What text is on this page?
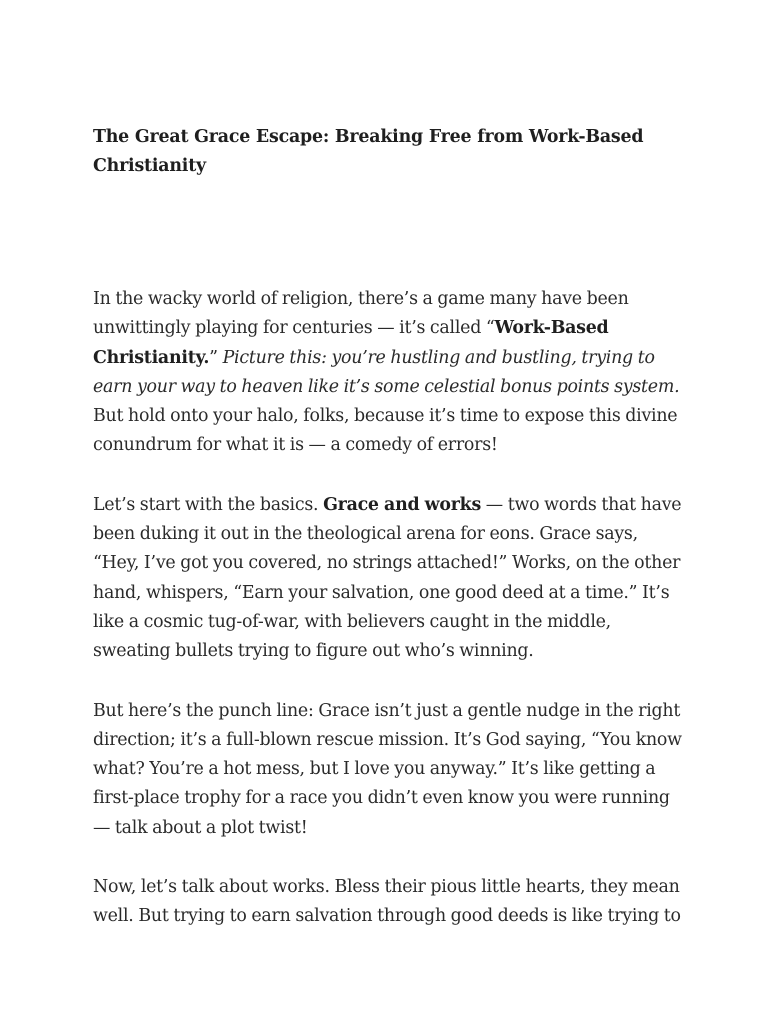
The Great Grace Escape: Breaking Free from Work-Based Christianity

In the wacky world of religion, there’s a game many have been unwittingly playing for centuries — it’s called “Work-Based Christianity.” Picture this: you’re hustling and bustling, trying to earn your way to heaven like it’s some celestial bonus points system. But hold onto your halo, folks, because it’s time to expose this divine conundrum for what it is — a comedy of errors!

Let’s start with the basics. Grace and works — two words that have been duking it out in the theological arena for eons. Grace says, “Hey, I’ve got you covered, no strings attached!” Works, on the other hand, whispers, “Earn your salvation, one good deed at a time.” It’s like a cosmic tug-of-war, with believers caught in the middle, sweating bullets trying to figure out who’s winning.

But here’s the punch line: Grace isn’t just a gentle nudge in the right direction; it’s a full-blown rescue mission. It’s God saying, “You know what? You’re a hot mess, but I love you anyway.” It’s like getting a first-place trophy for a race you didn’t even know you were running — talk about a plot twist!

Now, let’s talk about works. Bless their pious little hearts, they mean well. But trying to earn salvation through good deeds is like trying to
